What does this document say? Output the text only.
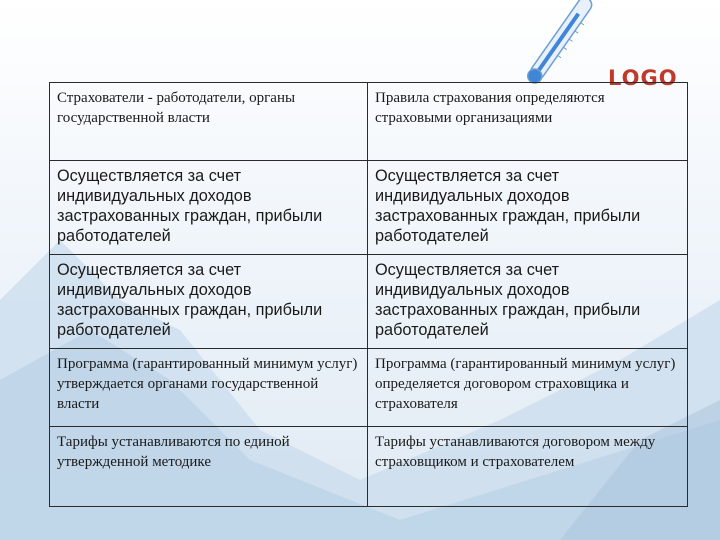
LOGO
Страхователи - работодатели, органы государственной власти	Правила страхования определяются страховыми организациями
Осуществляется за счет индивидуальных доходов застрахованных граждан, прибыли работодателей	Осуществляется за счет индивидуальных доходов застрахованных граждан, прибыли работодателей
Осуществляется за счет индивидуальных доходов застрахованных граждан, прибыли работодателей	Осуществляется за счет индивидуальных доходов застрахованных граждан, прибыли работодателей
Программа (гарантированный минимум услуг) утверждается органами государственной власти	Программа (гарантированный минимум услуг) определяется договором страховщика и страхователя
Тарифы устанавливаются по единой утвержденной методике	Тарифы устанавливаются договором между страховщиком и страхователем
